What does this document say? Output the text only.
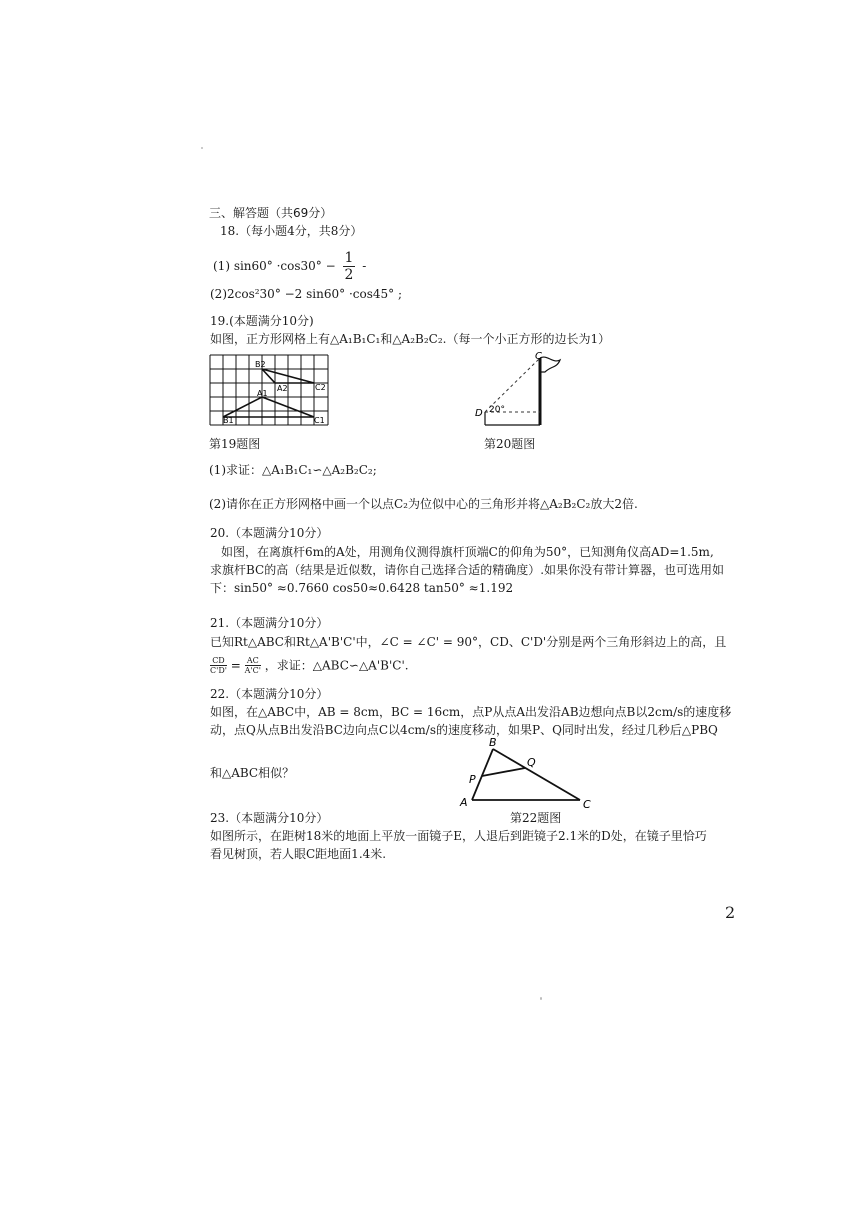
三、解答题（共69分）
18.（每小题4分，共8分）
(1) $\sin 60^\circ \cdot\cos 30^\circ - \frac{1}{2}$ -
(2)2cos²30° −2 sin60° ·cos45° ;
19.(本题满分10分)
如图，正方形网格上有△A₁B₁C₁和△A₂B₂C₂.（每一个小正方形的边长为1）
B2
A2	C2
A1
B1	C1
C
D 20°
第19题图	第20题图
(1)求证：△A₁B₁C₁∽△A₂B₂C₂;
(2)请你在正方形网格中画一个以点C₂为位似中心的三角形并将△A₂B₂C₂放大2倍.
20.（本题满分10分）
如图，在离旗杆6m的A处，用测角仪测得旗杆顶端C的仰角为50°，已知测角仪高AD=1.5m,
求旗杆BC的高（结果是近似数，请你自己选择合适的精确度）.如果你没有带计算器，也可选用如
下：sin50° ≈0.7660 cos50≈0.6428 tan50° ≈1.192
21.（本题满分10分）
已知Rt△ABC和Rt△A'B'C'中，∠C = ∠C' = 90°，CD、C'D'分别是两个三角形斜边上的高，且
$\frac{CD}{C'D'} = \frac{AC}{A'C'}$ ，求证：△ABC∽△A'B'C'.
22.（本题满分10分）
如图，在△ABC中，AB = 8cm，BC = 16cm，点P从点A出发沿AB边想向点B以2cm/s的速度移
动，点Q从点B出发沿BC边向点C以4cm/s的速度移动，如果P、Q同时出发，经过几秒后△PBQ
和△ABC相似？
B
Q
P
A	C
23.（本题满分10分）	第22题图
如图所示，在距树18米的地面上平放一面镜子E，人退后到距镜子2.1米的D处，在镜子里恰巧
看见树顶，若人眼C距地面1.4米.
2
